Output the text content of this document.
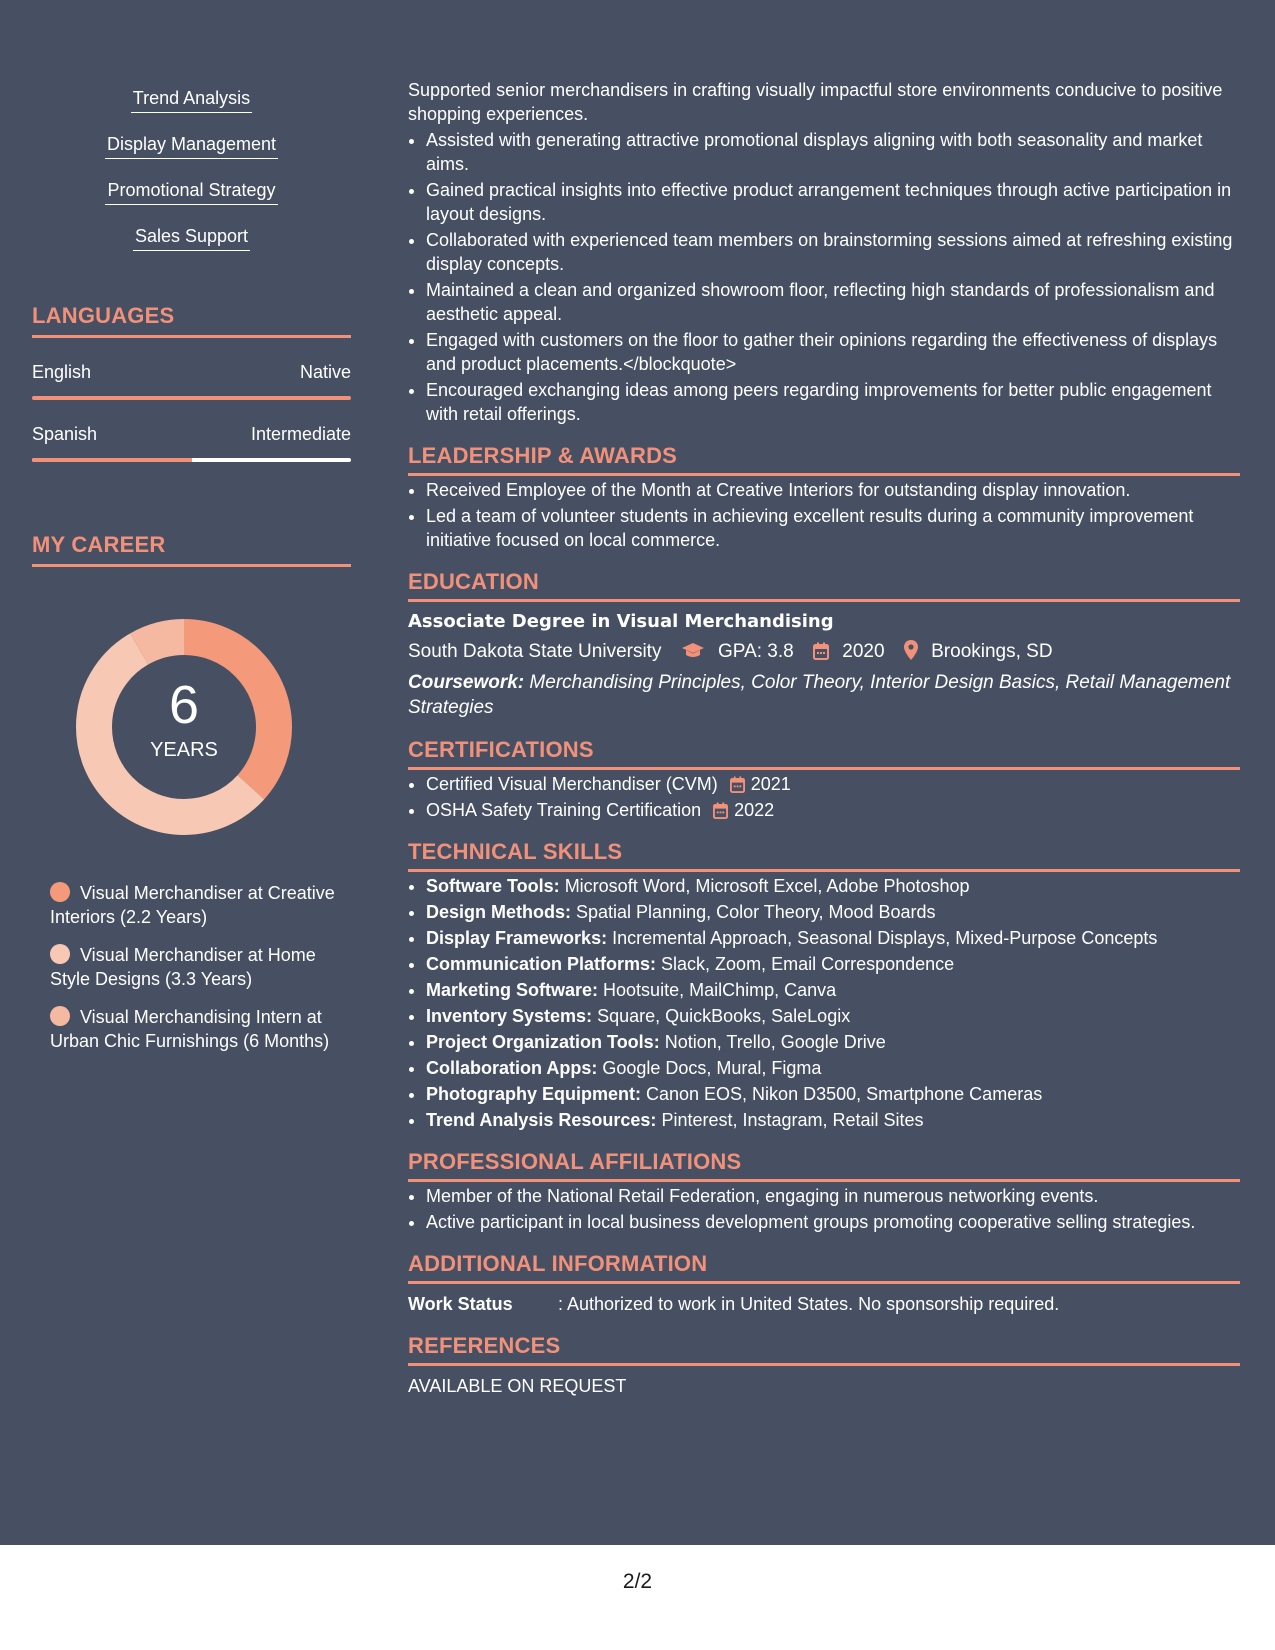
Trend Analysis
Display Management
Promotional Strategy
Sales Support
LANGUAGES
English	Native
Spanish	Intermediate
MY CAREER
6
YEARS
Visual Merchandiser at Creative Interiors (2.2 Years)
Visual Merchandiser at Home Style Designs (3.3 Years)
Visual Merchandising Intern at Urban Chic Furnishings (6 Months)

Supported senior merchandisers in crafting visually impactful store environments conducive to positive shopping experiences.

• Assisted with generating attractive promotional displays aligning with both seasonality and market aims.
• Gained practical insights into effective product arrangement techniques through active participation in layout designs.
• Collaborated with experienced team members on brainstorming sessions aimed at refreshing existing display concepts.
• Maintained a clean and organized showroom floor, reflecting high standards of professionalism and aesthetic appeal.
• Engaged with customers on the floor to gather their opinions regarding the effectiveness of displays and product placements.</blockquote>
• Encouraged exchanging ideas among peers regarding improvements for better public engagement with retail offerings.
LEADERSHIP & AWARDS
• Received Employee of the Month at Creative Interiors for outstanding display innovation.
• Led a team of volunteer students in achieving excellent results during a community improvement initiative focused on local commerce.
EDUCATION
Associate Degree in Visual Merchandising
South Dakota State University	GPA: 3.8	2020 Brookings, SD
Coursework: Merchandising Principles, Color Theory, Interior Design Basics, Retail Management Strategies
CERTIFICATIONS
• Certified Visual Merchandiser (CVM) 2021
• OSHA Safety Training Certification 2022
TECHNICAL SKILLS
• Software Tools: Microsoft Word, Microsoft Excel, Adobe Photoshop
• Design Methods: Spatial Planning, Color Theory, Mood Boards
• Display Frameworks: Incremental Approach, Seasonal Displays, Mixed-Purpose Concepts
• Communication Platforms: Slack, Zoom, Email Correspondence
• Marketing Software: Hootsuite, MailChimp, Canva
• Inventory Systems: Square, QuickBooks, SaleLogix
• Project Organization Tools: Notion, Trello, Google Drive
• Collaboration Apps: Google Docs, Mural, Figma
• Photography Equipment: Canon EOS, Nikon D3500, Smartphone Cameras
• Trend Analysis Resources: Pinterest, Instagram, Retail Sites
PROFESSIONAL AFFILIATIONS
• Member of the National Retail Federation, engaging in numerous networking events.
• Active participant in local business development groups promoting cooperative selling strategies.
ADDITIONAL INFORMATION
Work Status	: Authorized to work in United States. No sponsorship required.
REFERENCES
AVAILABLE ON REQUEST
2/2
